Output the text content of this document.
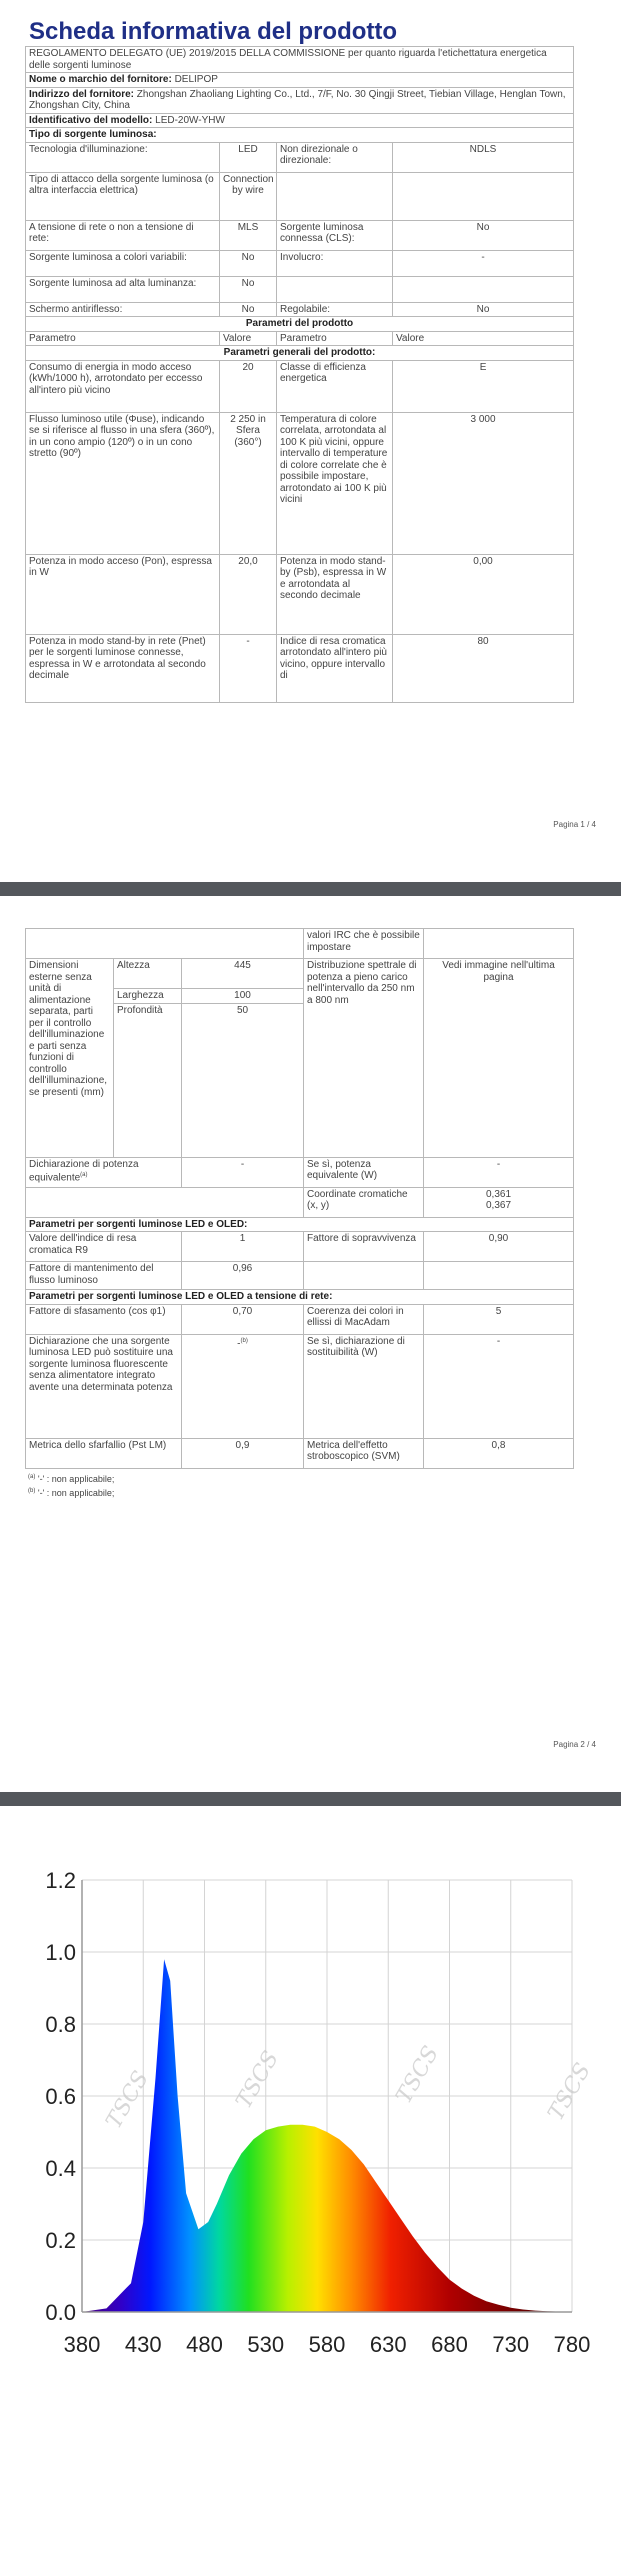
Scheda informativa del prodotto
REGOLAMENTO DELEGATO (UE) 2019/2015 DELLA COMMISSIONE per quanto riguarda l'etichettatura energetica delle sorgenti luminose			
Nome o marchio del fornitore: DELIPOP			
Indirizzo del fornitore: Zhongshan Zhaoliang Lighting Co., Ltd., 7/F, No. 30 Qingji Street, Tiebian Village, Henglan Town, Zhongshan City, China			
Identificativo del modello: LED-20W-YHW			
Tipo di sorgente luminosa:			
Tecnologia d'illuminazione:	LED	Non direzionale o direzionale:	NDLS
Tipo di attacco della sorgente luminosa (o altra interfaccia elettrica)	Connection by wire		
A tensione di rete o non a tensione di rete:	MLS	Sorgente luminosa connessa (CLS):	No
Sorgente luminosa a colori variabili:	No	Involucro:	-
Sorgente luminosa ad alta luminanza:	No		
Schermo antiriflesso:	No	Regolabile:	No
Parametri del prodotto			
Parametro	Valore	Parametro	Valore
Parametri generali del prodotto:			
Consumo di energia in modo acceso (kWh/1000 h), arrotondato per eccesso all'intero più vicino	20	Classe di efficienza energetica	E
Flusso luminoso utile (Φuse), indicando se si riferisce al flusso in una sfera (360º), in un cono ampio (120º) o in un cono stretto (90º)	2 250 in Sfera (360°)	Temperatura di colore correlata, arrotondata al 100 K più vicini, oppure intervallo di temperature di colore correlate che è possibile impostare, arrotondato ai 100 K più vicini	3 000
Potenza in modo acceso (Pon), espressa in W	20,0	Potenza in modo stand-by (Psb), espressa in W e arrotondata al secondo decimale	0,00
Potenza in modo stand-by in rete (Pnet) per le sorgenti luminose connesse, espressa in W e arrotondata al secondo decimale	-	Indice di resa cromatica arrotondato all'intero più vicino, oppure intervallo di	80
Pagina 1 / 4
			valori IRC che è possibile impostare	
Dimensioni esterne senza unità di alimentazione separata, parti per il controllo dell'illuminazione e parti senza funzioni di controllo dell'illuminazione, se presenti (mm)	Altezza	445	Distribuzione spettrale di potenza a pieno carico nell'intervallo da 250 nm a 800 nm	Vedi immagine nell'ultima pagina
	Larghezza	100		
	Profondità	50		
Dichiarazione di potenza equivalente$^{(a)}$		-	Se sì, potenza equivalente (W)	-
			Coordinate cromatiche (x, y)	0,361
0,367

Parametri per sorgenti luminose LED e OLED:				
Valore dell'indice di resa cromatica R9		1	Fattore di sopravvivenza	0,90
Fattore di mantenimento del flusso luminoso		0,96		
Parametri per sorgenti luminose LED e OLED a tensione di rete:				
Fattore di sfasamento (cos φ1)		0,70	Coerenza dei colori in ellissi di MacAdam	5
Dichiarazione che una sorgente luminosa LED può sostituire una sorgente luminosa fluorescente senza alimentatore integrato avente una determinata potenza		-$^{(b)}$	Se sì, dichiarazione di sostituibilità (W)	-
Metrica dello sfarfallio (Pst LM)		0,9	Metrica dell'effetto stroboscopico (SVM)	0,8
$^{(a)}$ '-' : non applicabile;
$^{(b)}$ '-' : non applicabile;
Pagina 2 / 4
TSCS	TSCS	TSCS	TSCS
380 430 480 530 580 630 680 730 780
0.0
0.2
0.4
0.6
0.8
1.0
1.2
